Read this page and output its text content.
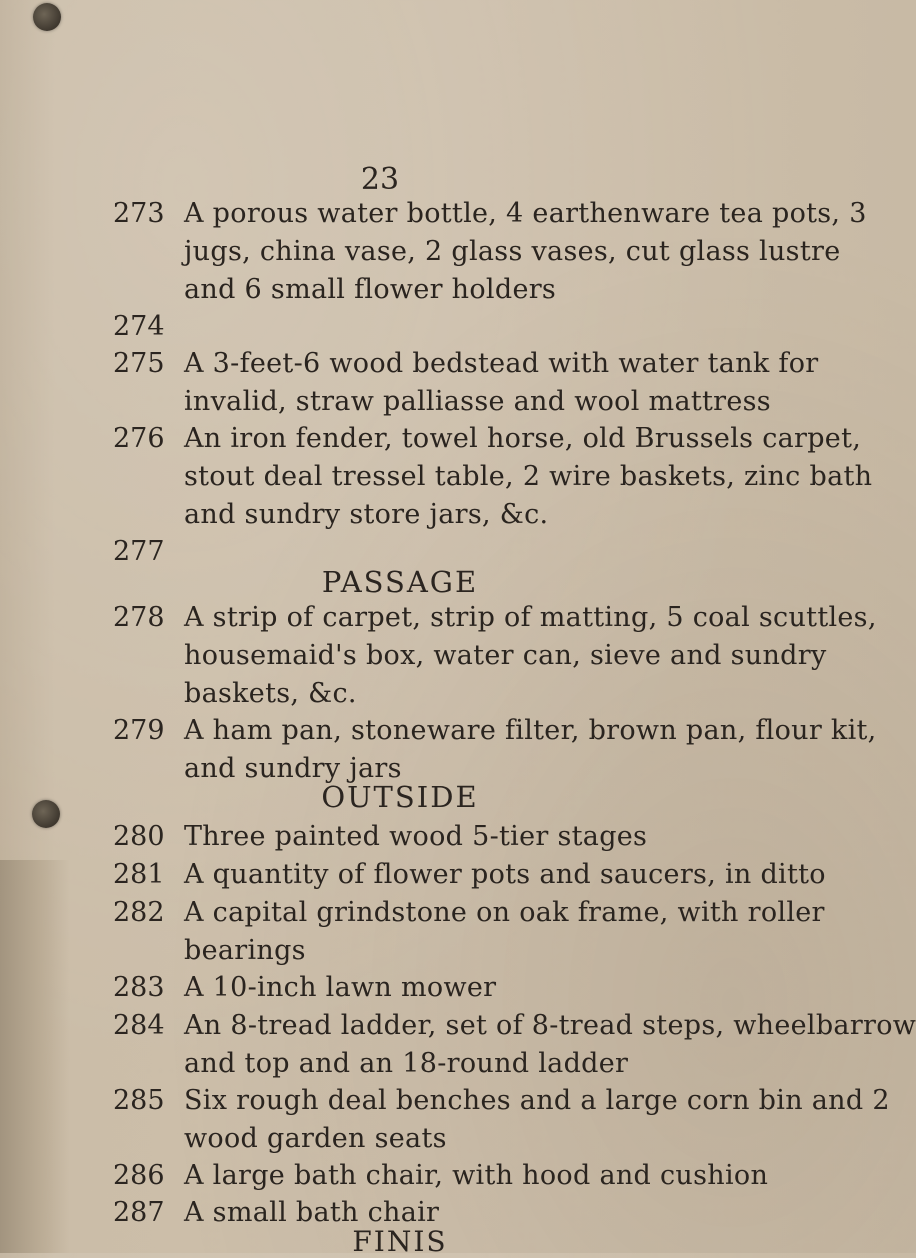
23
273 A porous water bottle, 4 earthenware tea pots, 3
jugs, china vase, 2 glass vases, cut glass lustre
and 6 small flower holders
274
275 A 3-feet-6 wood bedstead with water tank for
invalid, straw palliasse and wool mattress
276 An iron fender, towel horse, old Brussels carpet,
stout deal tressel table, 2 wire baskets, zinc bath
and sundry store jars, &c.
277
PASSAGE
278 A strip of carpet, strip of matting, 5 coal scuttles,
housemaid's box, water can, sieve and sundry
baskets, &c.
279 A ham pan, stoneware filter, brown pan, flour kit,
and sundry jars
OUTSIDE
280 Three painted wood 5-tier stages
281 A quantity of flower pots and saucers, in ditto
282 A capital grindstone on oak frame, with roller
bearings
283 A 10-inch lawn mower
284 An 8-tread ladder, set of 8-tread steps, wheelbarrow
and top and an 18-round ladder
285 Six rough deal benches and a large corn bin and 2
wood garden seats
286 A large bath chair, with hood and cushion
287 A small bath chair
FINIS
